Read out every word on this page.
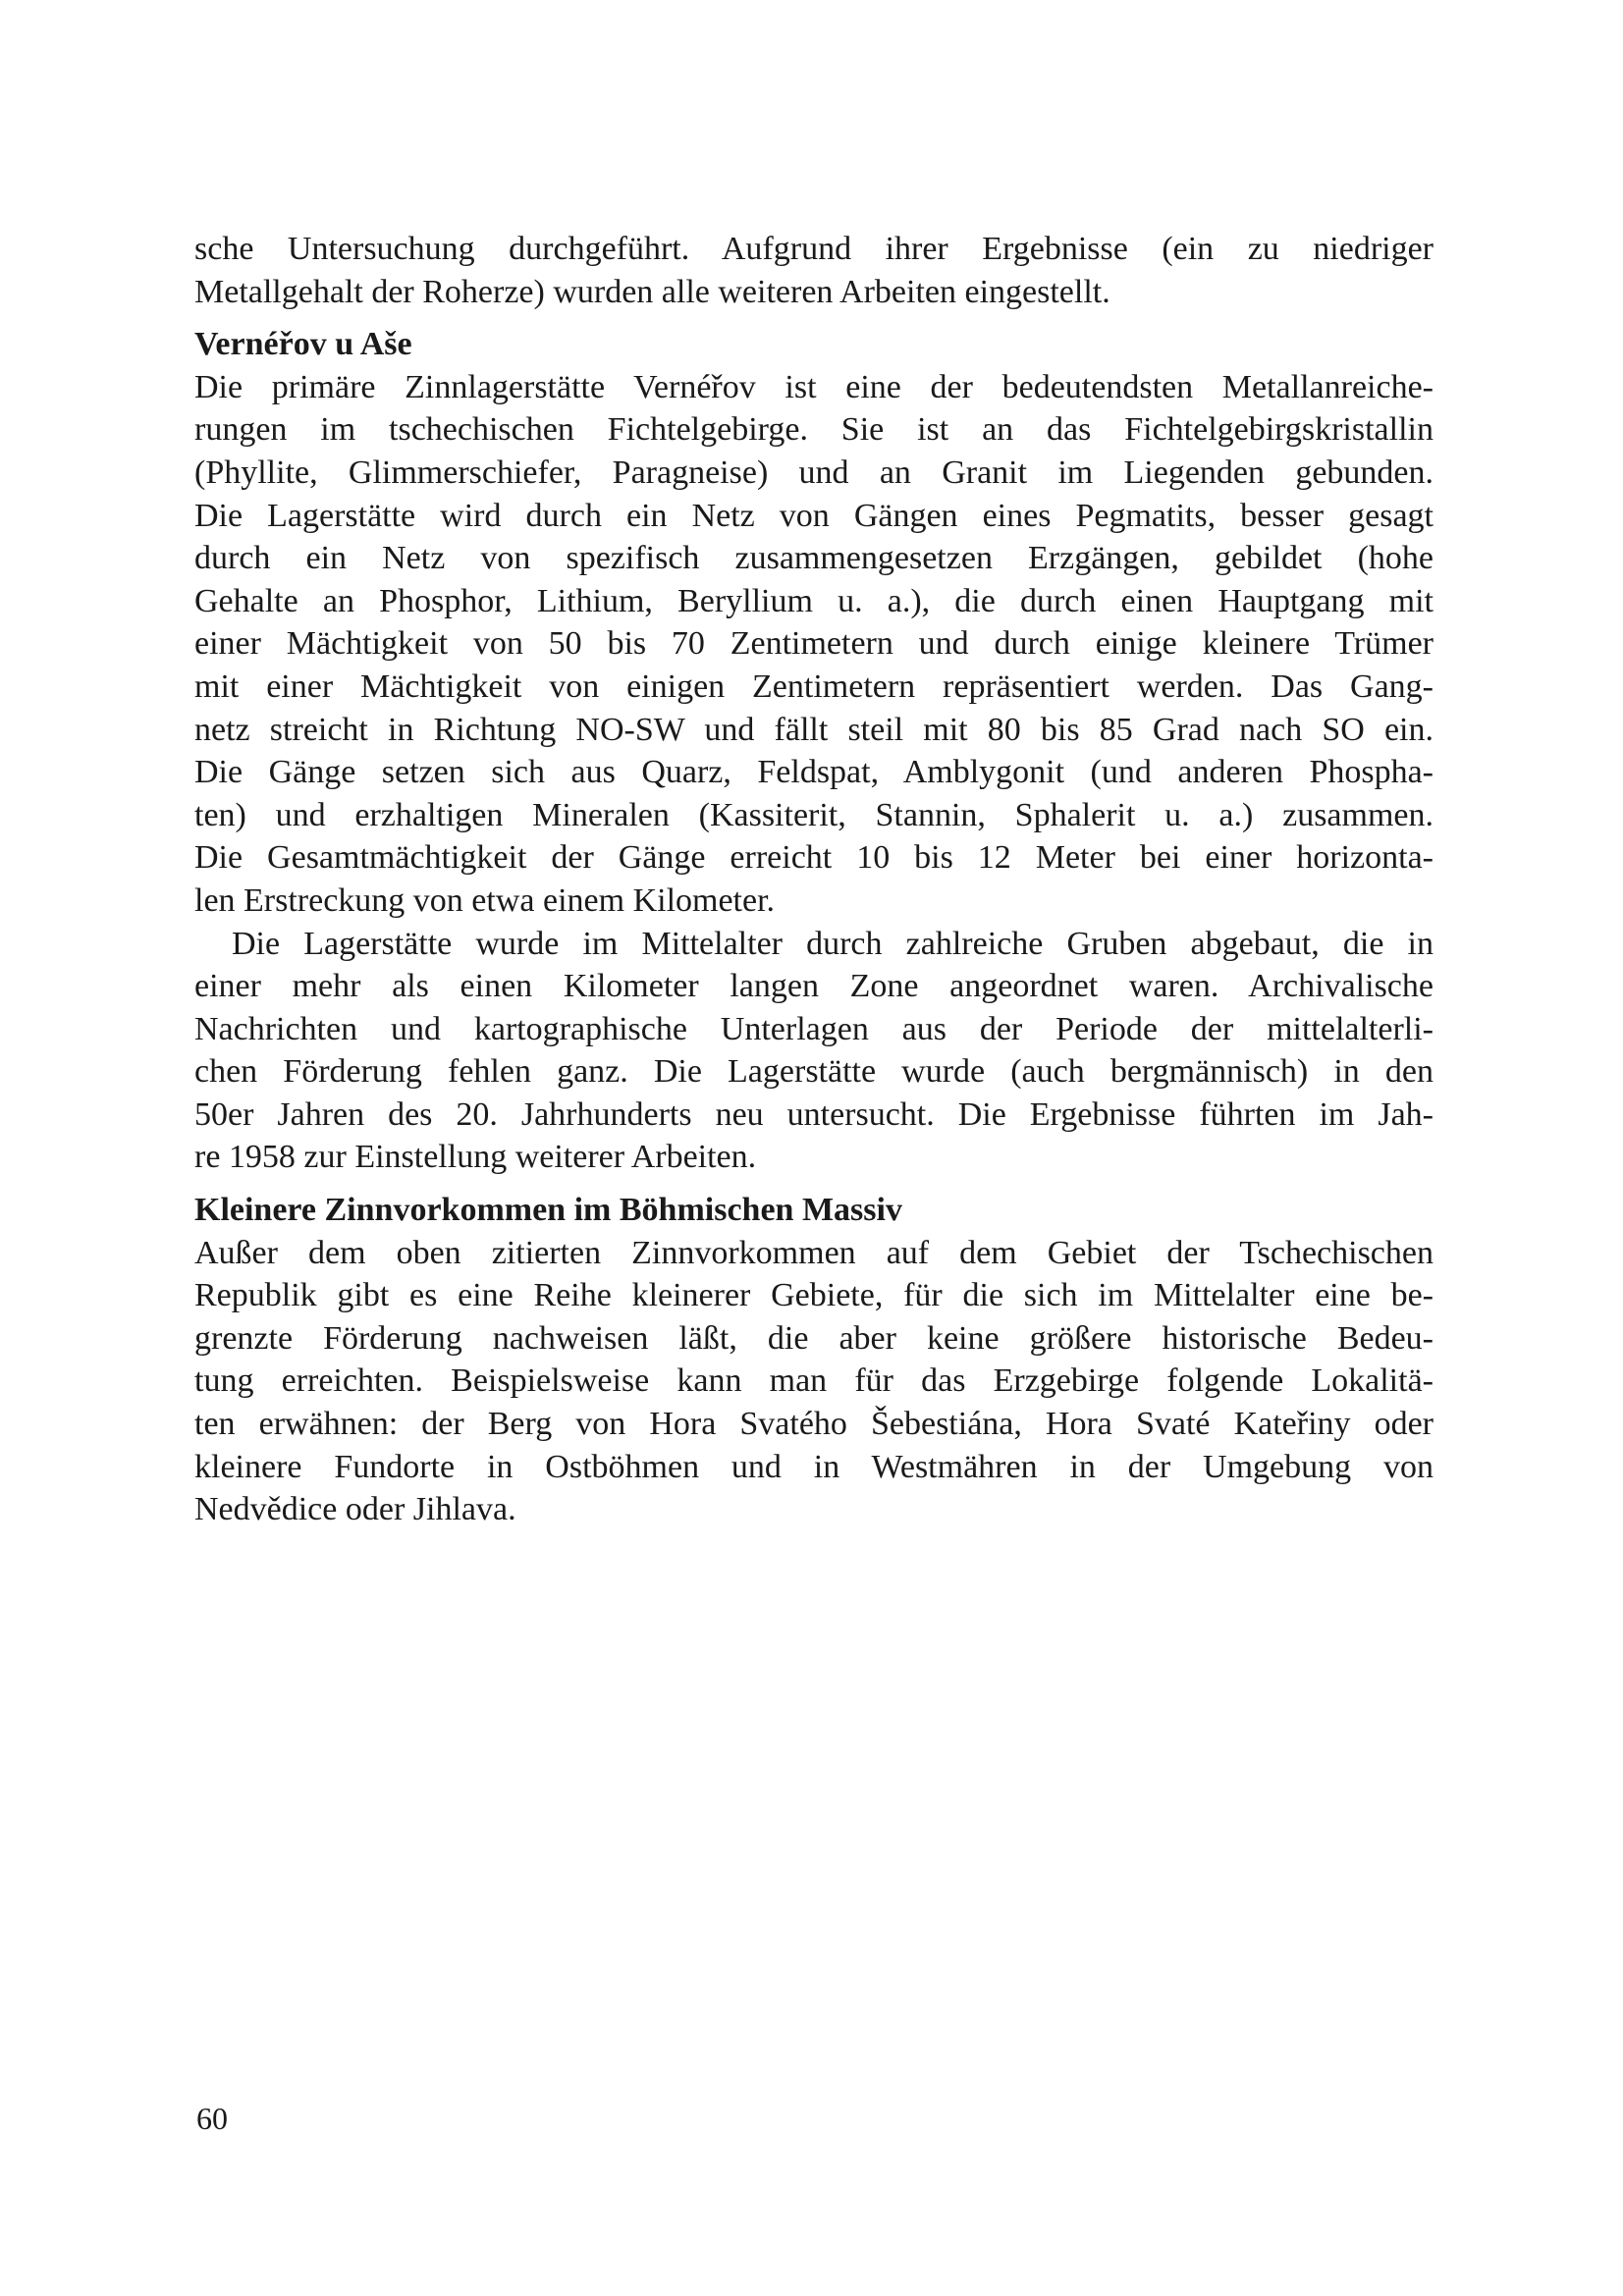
sche Untersuchung durchgeführt. Aufgrund ihrer Ergebnisse (ein zu niedriger
Metallgehalt der Roherze) wurden alle weiteren Arbeiten eingestellt.
Vernéřov u Aše
Die primäre Zinnlagerstätte Vernéřov ist eine der bedeutendsten Metallanreiche-
rungen im tschechischen Fichtelgebirge. Sie ist an das Fichtelgebirgskristallin
(Phyllite, Glimmerschiefer, Paragneise) und an Granit im Liegenden gebunden.
Die Lagerstätte wird durch ein Netz von Gängen eines Pegmatits, besser gesagt
durch ein Netz von spezifisch zusammengesetzen Erzgängen, gebildet (hohe
Gehalte an Phosphor, Lithium, Beryllium u. a.), die durch einen Hauptgang mit
einer Mächtigkeit von 50 bis 70 Zentimetern und durch einige kleinere Trümer
mit einer Mächtigkeit von einigen Zentimetern repräsentiert werden. Das Gang-
netz streicht in Richtung NO-SW und fällt steil mit 80 bis 85 Grad nach SO ein.
Die Gänge setzen sich aus Quarz, Feldspat, Amblygonit (und anderen Phospha-
ten) und erzhaltigen Mineralen (Kassiterit, Stannin, Sphalerit u. a.) zusammen.
Die Gesamtmächtigkeit der Gänge erreicht 10 bis 12 Meter bei einer horizonta-
len Erstreckung von etwa einem Kilometer.
Die Lagerstätte wurde im Mittelalter durch zahlreiche Gruben abgebaut, die in
einer mehr als einen Kilometer langen Zone angeordnet waren. Archivalische
Nachrichten und kartographische Unterlagen aus der Periode der mittelalterli-
chen Förderung fehlen ganz. Die Lagerstätte wurde (auch bergmännisch) in den
50er Jahren des 20. Jahrhunderts neu untersucht. Die Ergebnisse führten im Jah-
re 1958 zur Einstellung weiterer Arbeiten.
Kleinere Zinnvorkommen im Böhmischen Massiv
Außer dem oben zitierten Zinnvorkommen auf dem Gebiet der Tschechischen
Republik gibt es eine Reihe kleinerer Gebiete, für die sich im Mittelalter eine be-
grenzte Förderung nachweisen läßt, die aber keine größere historische Bedeu-
tung erreichten. Beispielsweise kann man für das Erzgebirge folgende Lokalitä-
ten erwähnen: der Berg von Hora Svatého Šebestiána, Hora Svaté Kateřiny oder
kleinere Fundorte in Ostböhmen und in Westmähren in der Umgebung von
Nedvědice oder Jihlava.
60
